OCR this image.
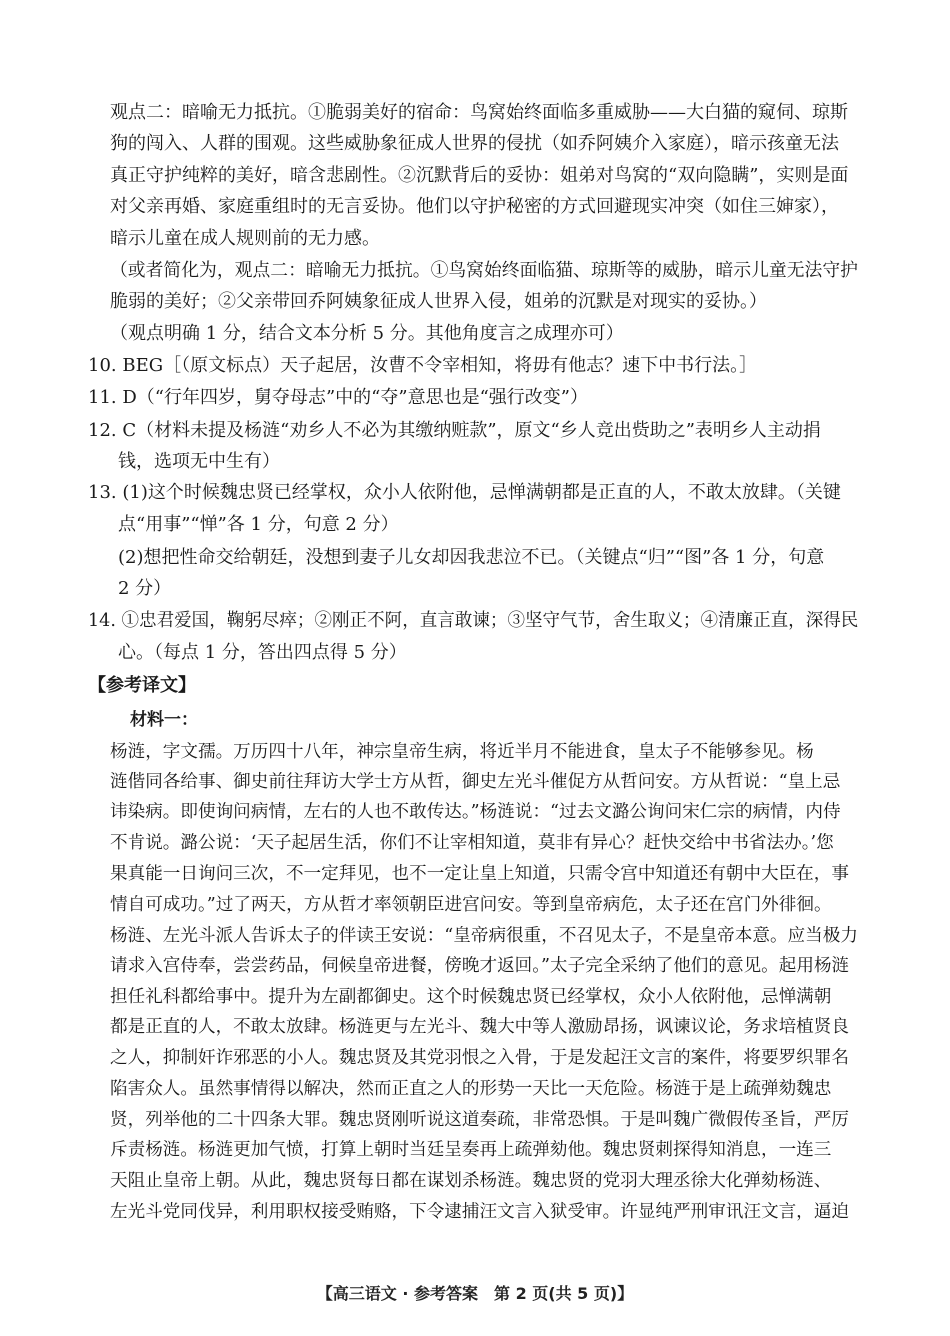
观点二：暗喻无力抵抗。①脆弱美好的宿命：鸟窝始终面临多重威胁——大白猫的窥伺、琼斯
狗的闯入、人群的围观。这些威胁象征成人世界的侵扰（如乔阿姨介入家庭），暗示孩童无法
真正守护纯粹的美好，暗含悲剧性。②沉默背后的妥协：姐弟对鸟窝的“双向隐瞒”，实则是面
对父亲再婚、家庭重组时的无言妥协。他们以守护秘密的方式回避现实冲突（如住三婶家），
暗示儿童在成人规则前的无力感。
（或者简化为，观点二：暗喻无力抵抗。①鸟窝始终面临猫、琼斯等的威胁，暗示儿童无法守护
脆弱的美好；②父亲带回乔阿姨象征成人世界入侵，姐弟的沉默是对现实的妥协。）
（观点明确 1 分，结合文本分析 5 分。其他角度言之成理亦可）
10. BEG［（原文标点）天子起居，汝曹不令宰相知，将毋有他志？速下中书行法。］
11. D（“行年四岁，舅夺母志”中的“夺”意思也是“强行改变”）
12. C（材料未提及杨涟“劝乡人不必为其缴纳赃款”，原文“乡人竞出赀助之”表明乡人主动捐
钱，选项无中生有）
13. (1)这个时候魏忠贤已经掌权，众小人依附他，忌惮满朝都是正直的人，不敢太放肆。（关键
点“用事”“惮”各 1 分，句意 2 分）
(2)想把性命交给朝廷，没想到妻子儿女却因我悲泣不已。（关键点“归”“图”各 1 分，句意
2 分）
14. ①忠君爱国，鞠躬尽瘁；②刚正不阿，直言敢谏；③坚守气节，舍生取义；④清廉正直，深得民
心。（每点 1 分，答出四点得 5 分）
【参考译文】
材料一：
杨涟，字文孺。万历四十八年，神宗皇帝生病，将近半月不能进食，皇太子不能够参见。杨
涟偕同各给事、御史前往拜访大学士方从哲，御史左光斗催促方从哲问安。方从哲说：“皇上忌
讳染病。即使询问病情，左右的人也不敢传达。”杨涟说：“过去文潞公询问宋仁宗的病情，内侍
不肯说。潞公说：‘天子起居生活，你们不让宰相知道，莫非有异心？赶快交给中书省法办。’您
果真能一日询问三次，不一定拜见，也不一定让皇上知道，只需令宫中知道还有朝中大臣在，事
情自可成功。”过了两天，方从哲才率领朝臣进宫问安。等到皇帝病危，太子还在宫门外徘徊。
杨涟、左光斗派人告诉太子的伴读王安说：“皇帝病很重，不召见太子，不是皇帝本意。应当极力
请求入宫侍奉，尝尝药品，伺候皇帝进餐，傍晚才返回。”太子完全采纳了他们的意见。起用杨涟
担任礼科都给事中。提升为左副都御史。这个时候魏忠贤已经掌权，众小人依附他，忌惮满朝
都是正直的人，不敢太放肆。杨涟更与左光斗、魏大中等人激励昂扬，讽谏议论，务求培植贤良
之人，抑制奸诈邪恶的小人。魏忠贤及其党羽恨之入骨，于是发起汪文言的案件，将要罗织罪名
陷害众人。虽然事情得以解决，然而正直之人的形势一天比一天危险。杨涟于是上疏弹劾魏忠
贤，列举他的二十四条大罪。魏忠贤刚听说这道奏疏，非常恐惧。于是叫魏广微假传圣旨，严厉
斥责杨涟。杨涟更加气愤，打算上朝时当廷呈奏再上疏弹劾他。魏忠贤刺探得知消息，一连三
天阻止皇帝上朝。从此，魏忠贤每日都在谋划杀杨涟。魏忠贤的党羽大理丞徐大化弹劾杨涟、
左光斗党同伐异，利用职权接受贿赂，下令逮捕汪文言入狱受审。许显纯严刑审讯汪文言，逼迫
【高三语文 · 参考答案　第 2 页(共 5 页)】
